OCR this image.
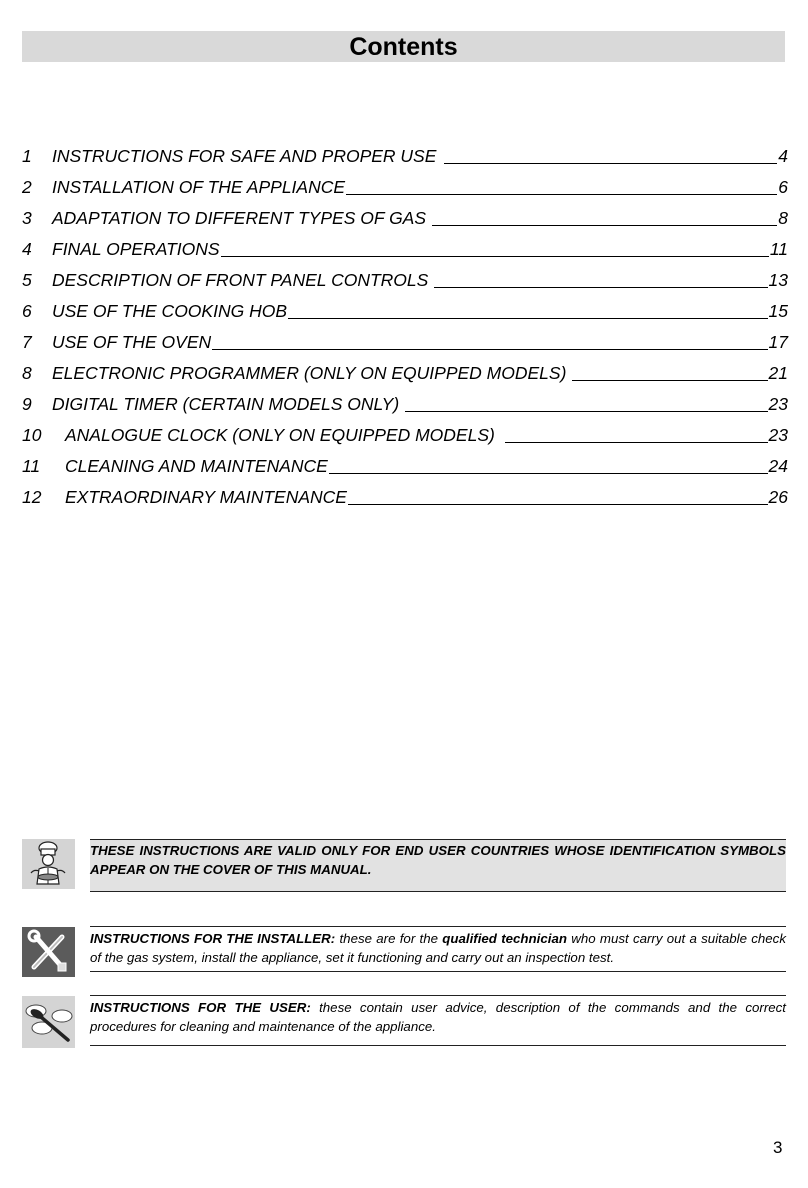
Contents
1	INSTRUCTIONS FOR SAFE AND PROPER USE	4
2	INSTALLATION OF THE APPLIANCE	6
3	ADAPTATION TO DIFFERENT TYPES OF GAS	8
4	FINAL OPERATIONS	11
5	DESCRIPTION OF FRONT PANEL CONTROLS	13
6	USE OF THE COOKING HOB	15
7	USE OF THE OVEN	17
8	ELECTRONIC PROGRAMMER (ONLY ON EQUIPPED MODELS)	21
9	DIGITAL TIMER (CERTAIN MODELS ONLY)	23
10	ANALOGUE CLOCK (ONLY ON EQUIPPED MODELS)	23
11	CLEANING AND MAINTENANCE	24
12	EXTRAORDINARY MAINTENANCE	26
THESE INSTRUCTIONS ARE VALID ONLY FOR END USER COUNTRIES WHOSE IDENTIFICATION SYMBOLS APPEAR ON THE COVER OF THIS MANUAL.
INSTRUCTIONS FOR THE INSTALLER: these are for the qualified technician who must carry out a suitable check of the gas system, install the appliance, set it functioning and carry out an inspection test.
INSTRUCTIONS FOR THE USER: these contain user advice, description of the commands and the correct procedures for cleaning and maintenance of the appliance.
3
